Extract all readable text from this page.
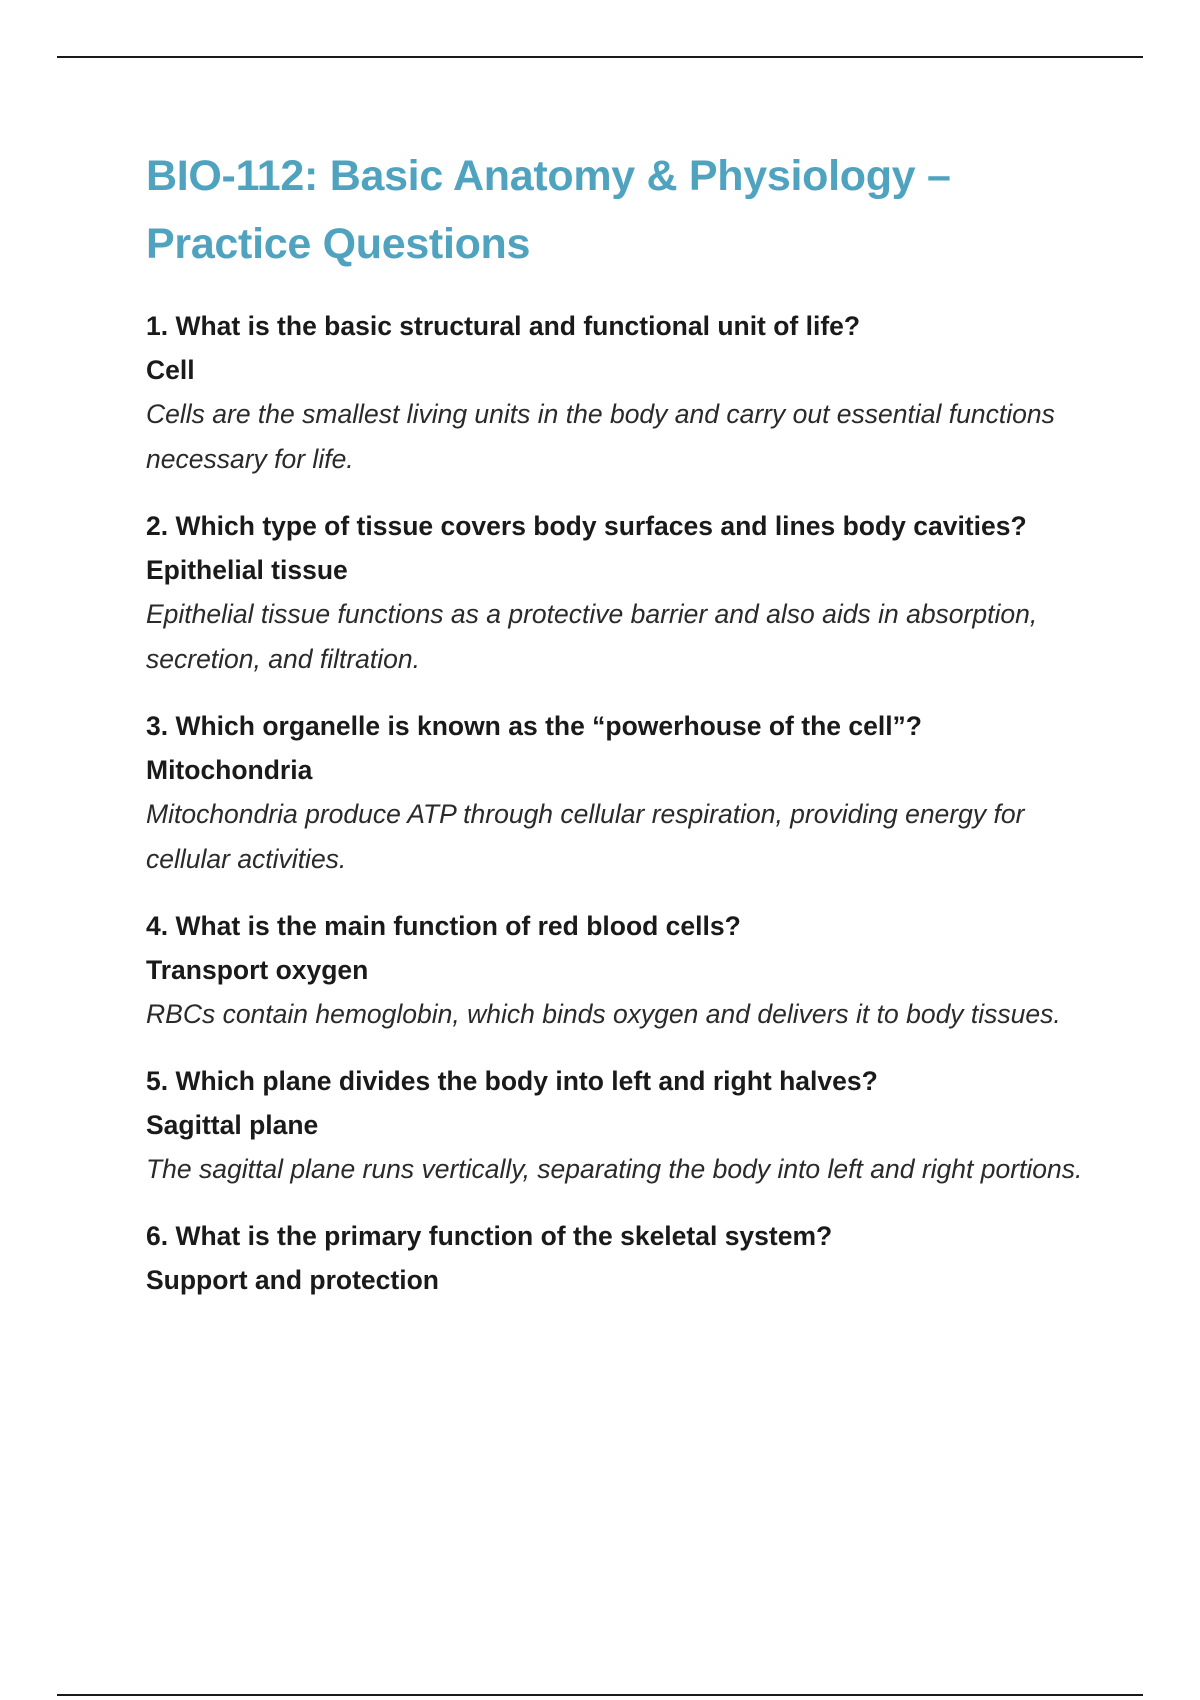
BIO-112: Basic Anatomy & Physiology – Practice Questions

1. What is the basic structural and functional unit of life?

Cell

Cells are the smallest living units in the body and carry out essential functions necessary for life.

2. Which type of tissue covers body surfaces and lines body cavities?

Epithelial tissue

Epithelial tissue functions as a protective barrier and also aids in absorption, secretion, and filtration.

3. Which organelle is known as the “powerhouse of the cell”?

Mitochondria

Mitochondria produce ATP through cellular respiration, providing energy for cellular activities.

4. What is the main function of red blood cells?

Transport oxygen

RBCs contain hemoglobin, which binds oxygen and delivers it to body tissues.

5. Which plane divides the body into left and right halves?

Sagittal plane

The sagittal plane runs vertically, separating the body into left and right portions.

6. What is the primary function of the skeletal system?

Support and protection
